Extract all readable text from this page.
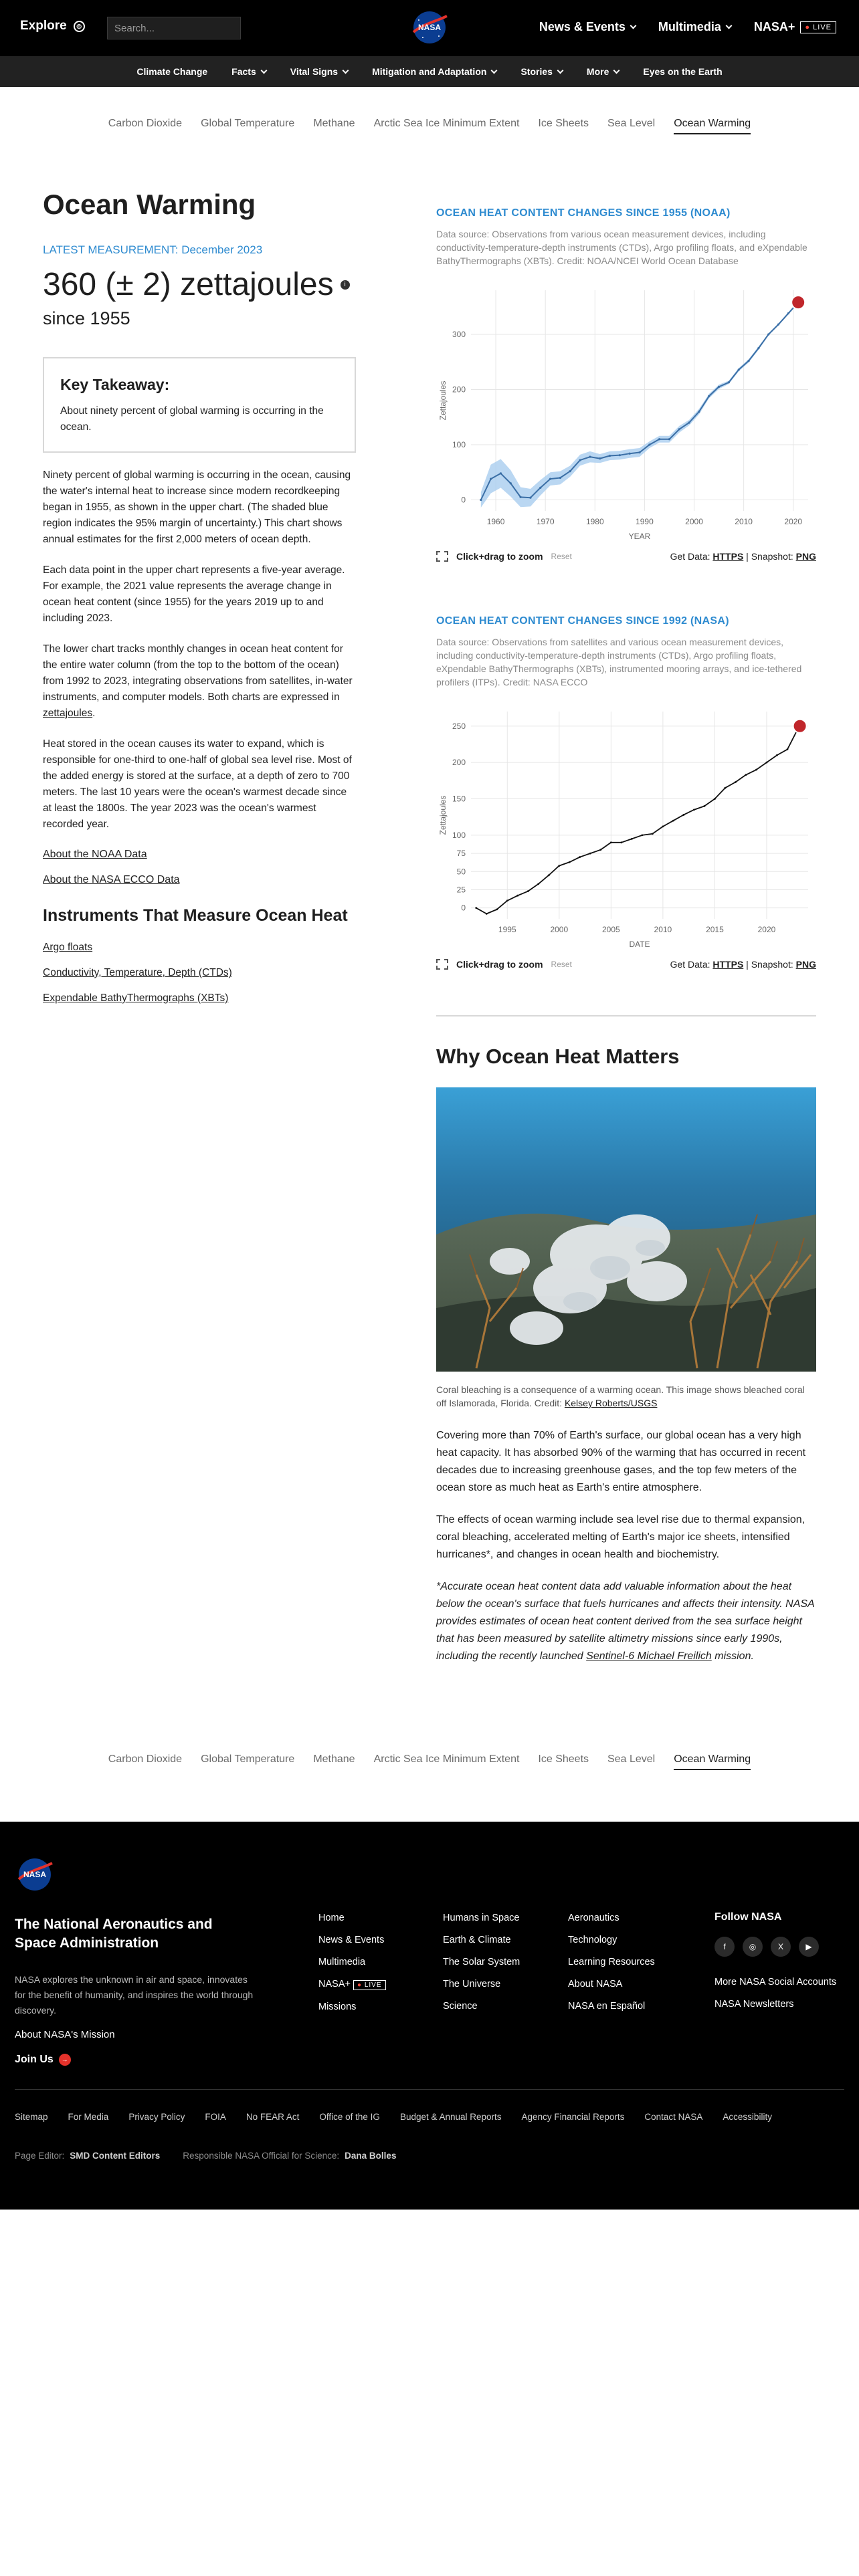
Explore	◎	Search...	NASA	News & Events	Multimedia	NASA+	● LIVE
Climate Change	Facts	Vital Signs	Mitigation and Adaptation	Stories	More	Eyes on the Earth
Carbon Dioxide Global Temperature Methane Arctic Sea Ice Minimum Extent Ice Sheets Sea Level Ocean Warming
Ocean Warming
LATEST MEASUREMENT: December 2023
360 (± 2) zettajoules	i
since 1955
Key Takeaway:

About ninety percent of global warming is occurring in the ocean.

Ninety percent of global warming is occurring in the ocean, causing the water's internal heat to increase since modern recordkeeping began in 1955, as shown in the upper chart. (The shaded blue region indicates the 95% margin of uncertainty.) This chart shows annual estimates for the first 2,000 meters of ocean depth.

Each data point in the upper chart represents a five-year average. For example, the 2021 value represents the average change in ocean heat content (since 1955) for the years 2019 up to and including 2023.

The lower chart tracks monthly changes in ocean heat content for the entire water column (from the top to the bottom of the ocean) from 1992 to 2023, integrating observations from satellites, in-water instruments, and computer models. Both charts are expressed in zettajoules.

Heat stored in the ocean causes its water to expand, which is responsible for one-third to one-half of global sea level rise. Most of the added energy is stored at the surface, at a depth of zero to 700 meters. The last 10 years were the ocean's warmest decade since at least the 1800s. The year 2023 was the ocean's warmest recorded year.

About the NOAA Data
About the NASA ECCO Data
Instruments That Measure Ocean Heat
Argo floats
Conductivity, Temperature, Depth (CTDs)
Expendable BathyThermographs (XBTs)
OCEAN HEAT CONTENT CHANGES SINCE 1955 (NOAA)
Data source: Observations from various ocean measurement devices, including conductivity-temperature-depth instruments (CTDs), Argo profiling floats, and eXpendable BathyThermographs (XBTs). Credit: NOAA/NCEI World Ocean Database
0
100
200
300
1960	1970	1980	1990	2000	2010	2020
YEAR
Zettajoules
Click+drag to zoom Reset	Get Data: HTTPS | Snapshot: PNG
OCEAN HEAT CONTENT CHANGES SINCE 1992 (NASA)
Data source: Observations from satellites and various ocean measurement devices, including conductivity-temperature-depth instruments (CTDs), Argo profiling floats, eXpendable BathyThermographs (XBTs), instrumented mooring arrays, and ice-tethered profilers (ITPs). Credit: NASA ECCO
0
25
50
75
100
150
200
250
1995	2000	2005	2010	2015	2020
DATE
Zettajoules
Click+drag to zoom Reset	Get Data: HTTPS | Snapshot: PNG
Why Ocean Heat Matters
Coral bleaching is a consequence of a warming ocean. This image shows bleached coral off Islamorada, Florida. Credit: Kelsey Roberts/USGS

Covering more than 70% of Earth's surface, our global ocean has a very high heat capacity. It has absorbed 90% of the warming that has occurred in recent decades due to increasing greenhouse gases, and the top few meters of the ocean store as much heat as Earth's entire atmosphere.

The effects of ocean warming include sea level rise due to thermal expansion, coral bleaching, accelerated melting of Earth's major ice sheets, intensified hurricanes*, and changes in ocean health and biochemistry.

*Accurate ocean heat content data add valuable information about the heat below the ocean's surface that fuels hurricanes and affects their intensity. NASA provides estimates of ocean heat content derived from the sea surface height that has been measured by satellite altimetry missions since early 1990s, including the recently launched Sentinel-6 Michael Freilich mission.

Carbon Dioxide Global Temperature Methane Arctic Sea Ice Minimum Extent Ice Sheets Sea Level Ocean Warming
NASA
The National Aeronautics and Space Administration
NASA explores the unknown in air and space, innovates for the benefit of humanity, and inspires the world through discovery.
About NASA's Mission
Join Us	→
Home
News & Events
Multimedia
NASA+ ● LIVE
Missions
Humans in Space
Earth & Climate
The Solar System
The Universe
Science
Aeronautics
Technology
Learning Resources
About NASA
NASA en Español
Follow NASA
f	◎	X	▶
More NASA Social Accounts
NASA Newsletters
Sitemap For Media Privacy Policy FOIA No FEAR Act Office of the IG Budget & Annual Reports Agency Financial Reports Contact NASA Accessibility
Page Editor: SMD Content Editors	Responsible NASA Official for Science: Dana Bolles
